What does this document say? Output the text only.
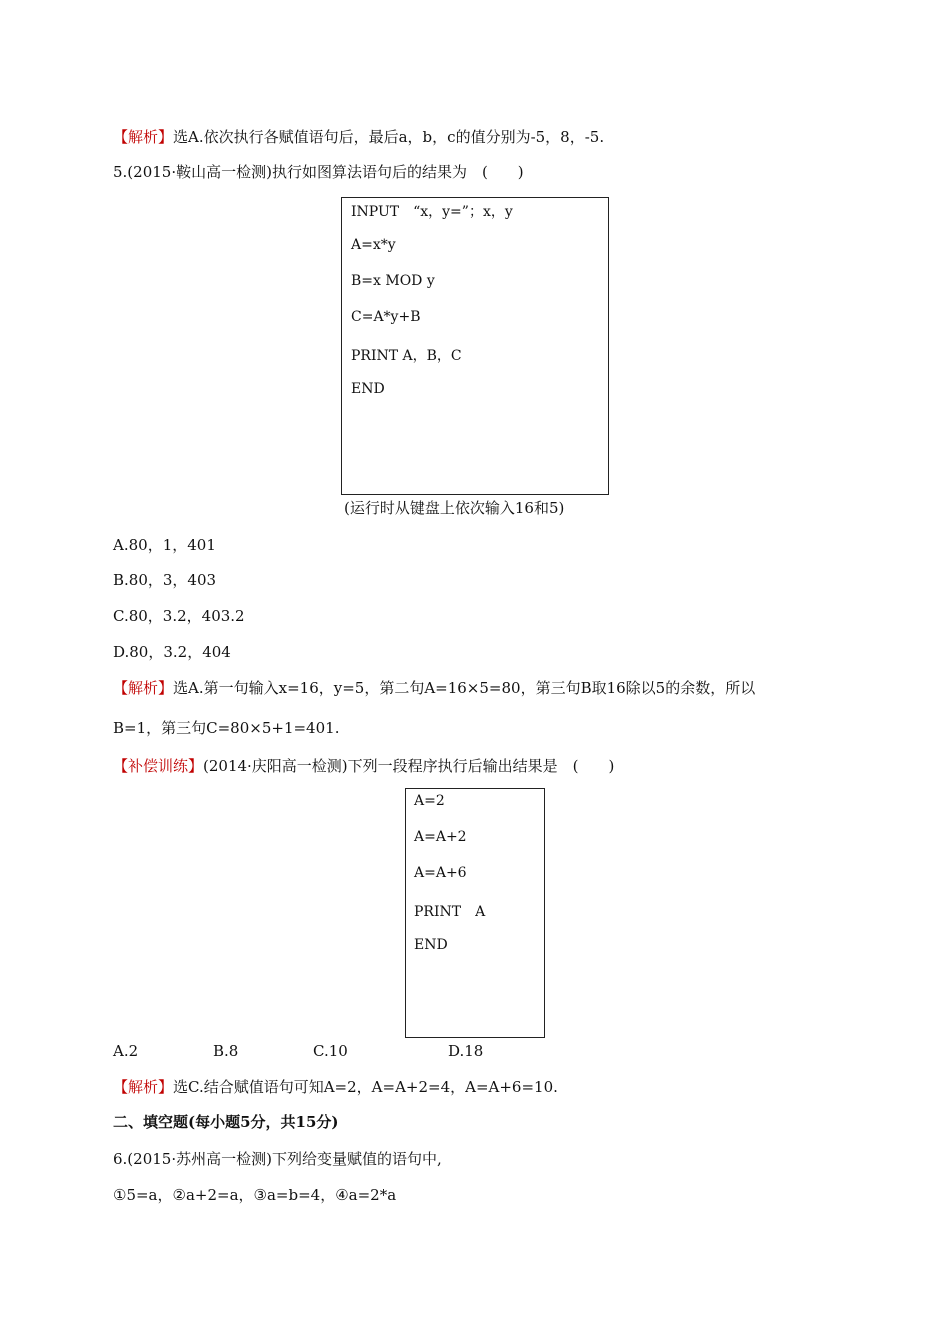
【解析】选A.依次执行各赋值语句后，最后a，b，c的值分别为-5，8，-5.
5.(2015·鞍山高一检测)执行如图算法语句后的结果为　(　　)
INPUT　“x，y=”；x，y
A=x*y
B=x MOD y
C=A*y+B
PRINT A，B，C
END
(运行时从键盘上依次输入16和5)
A.80，1，401
B.80，3，403
C.80，3.2，403.2
D.80，3.2，404
【解析】选A.第一句输入x=16，y=5，第二句A=16×5=80，第三句B取16除以5的余数，所以
B=1，第三句C=80×5+1=401.
【补偿训练】(2014·庆阳高一检测)下列一段程序执行后输出结果是　(　　)
A=2
A=A+2
A=A+6
PRINT　A
END
A.2	B.8	C.10	D.18
【解析】选C.结合赋值语句可知A=2，A=A+2=4，A=A+6=10.
二、填空题(每小题5分，共15分)
6.(2015·苏州高一检测)下列给变量赋值的语句中,
①5=a，②a+2=a，③a=b=4，④a=2*a
